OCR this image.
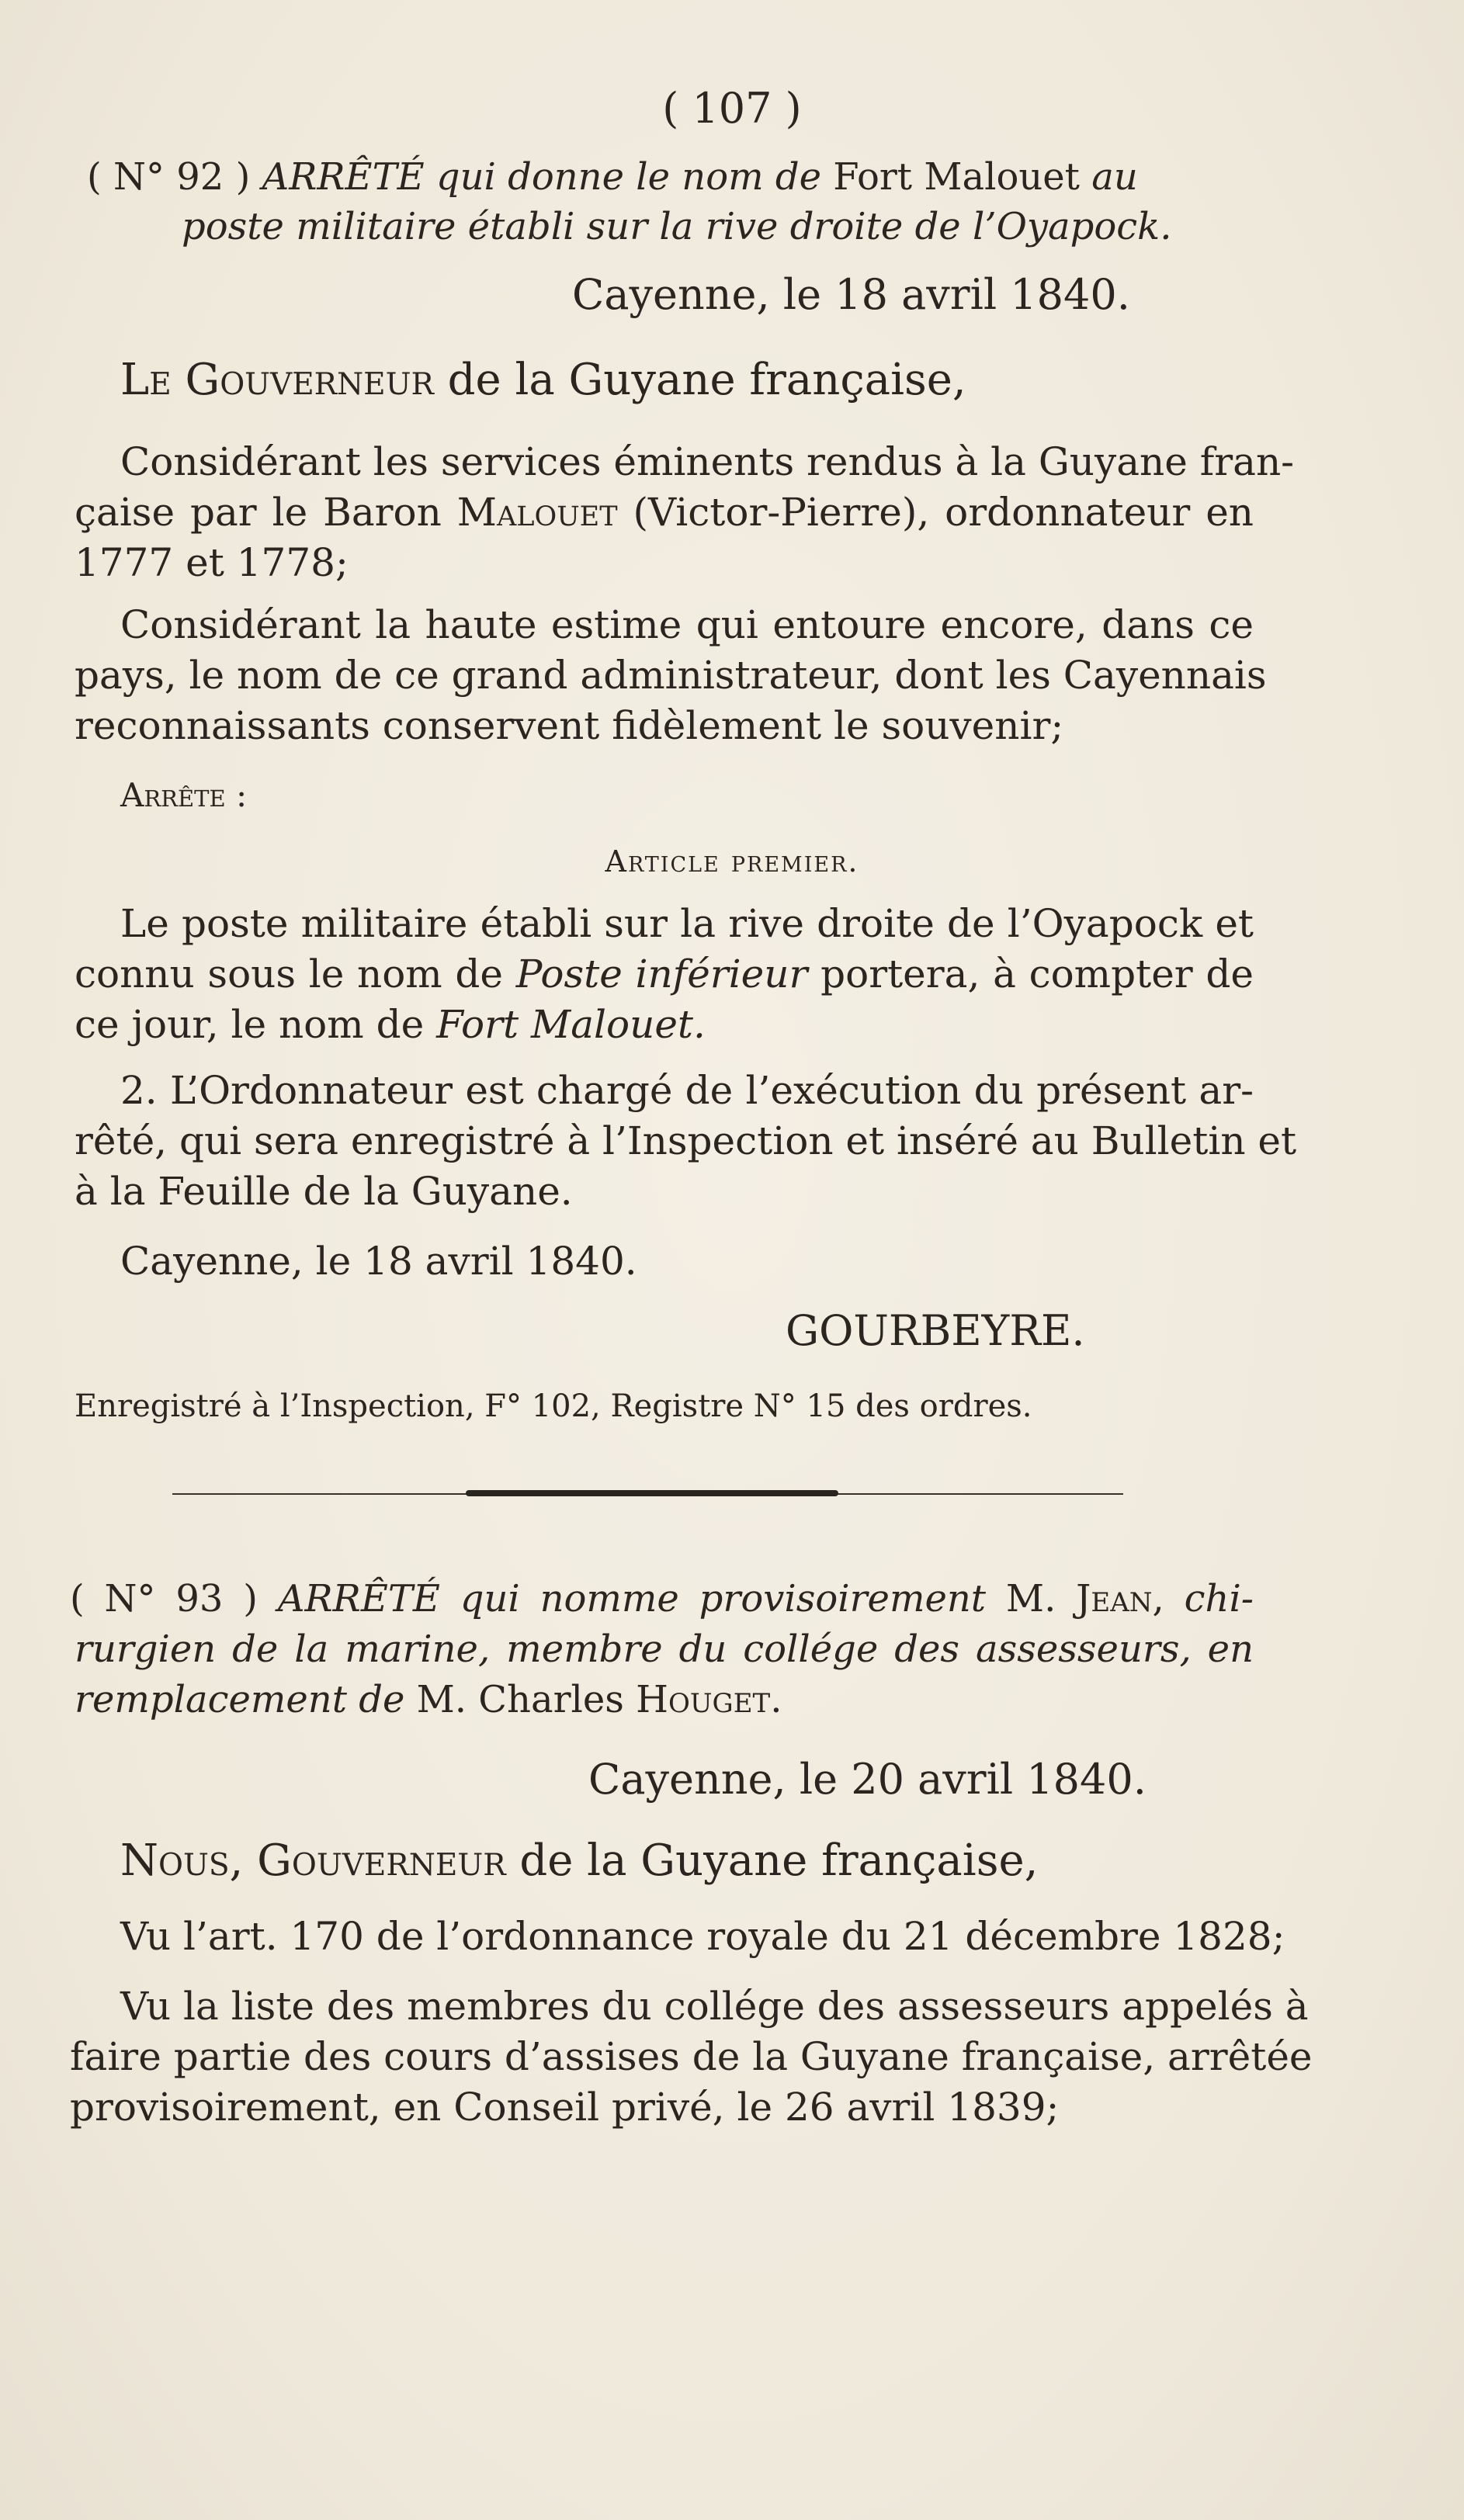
( 107 )
( N° 92 ) ARRÊTÉ qui donne le nom de Fort Malouet au
poste militaire établi sur la rive droite de l’Oyapock.
Cayenne, le 18 avril 1840.
Le Gouverneur de la Guyane française,
Considérant les services éminents rendus à la Guyane fran-
çaise par le Baron Malouet (Victor-Pierre), ordonnateur en
1777 et 1778;
Considérant la haute estime qui entoure encore, dans ce
pays, le nom de ce grand administrateur, dont les Cayennais
reconnaissants conservent fidèlement le souvenir;
Arrête :
Article premier.
Le poste militaire établi sur la rive droite de l’Oyapock et
connu sous le nom de Poste inférieur portera, à compter de
ce jour, le nom de Fort Malouet.
2. L’Ordonnateur est chargé de l’exécution du présent ar-
rêté, qui sera enregistré à l’Inspection et inséré au Bulletin et
à la Feuille de la Guyane.
Cayenne, le 18 avril 1840.
GOURBEYRE.
Enregistré à l’Inspection, F° 102, Registre N° 15 des ordres.
( N° 93 ) ARRÊTÉ qui nomme provisoirement M. Jean, chi-
rurgien de la marine, membre du collége des assesseurs, en
remplacement de M. Charles Houget.
Cayenne, le 20 avril 1840.
Nous, Gouverneur de la Guyane française,
Vu l’art. 170 de l’ordonnance royale du 21 décembre 1828;
Vu la liste des membres du collége des assesseurs appelés à
faire partie des cours d’assises de la Guyane française, arrêtée
provisoirement, en Conseil privé, le 26 avril 1839;
